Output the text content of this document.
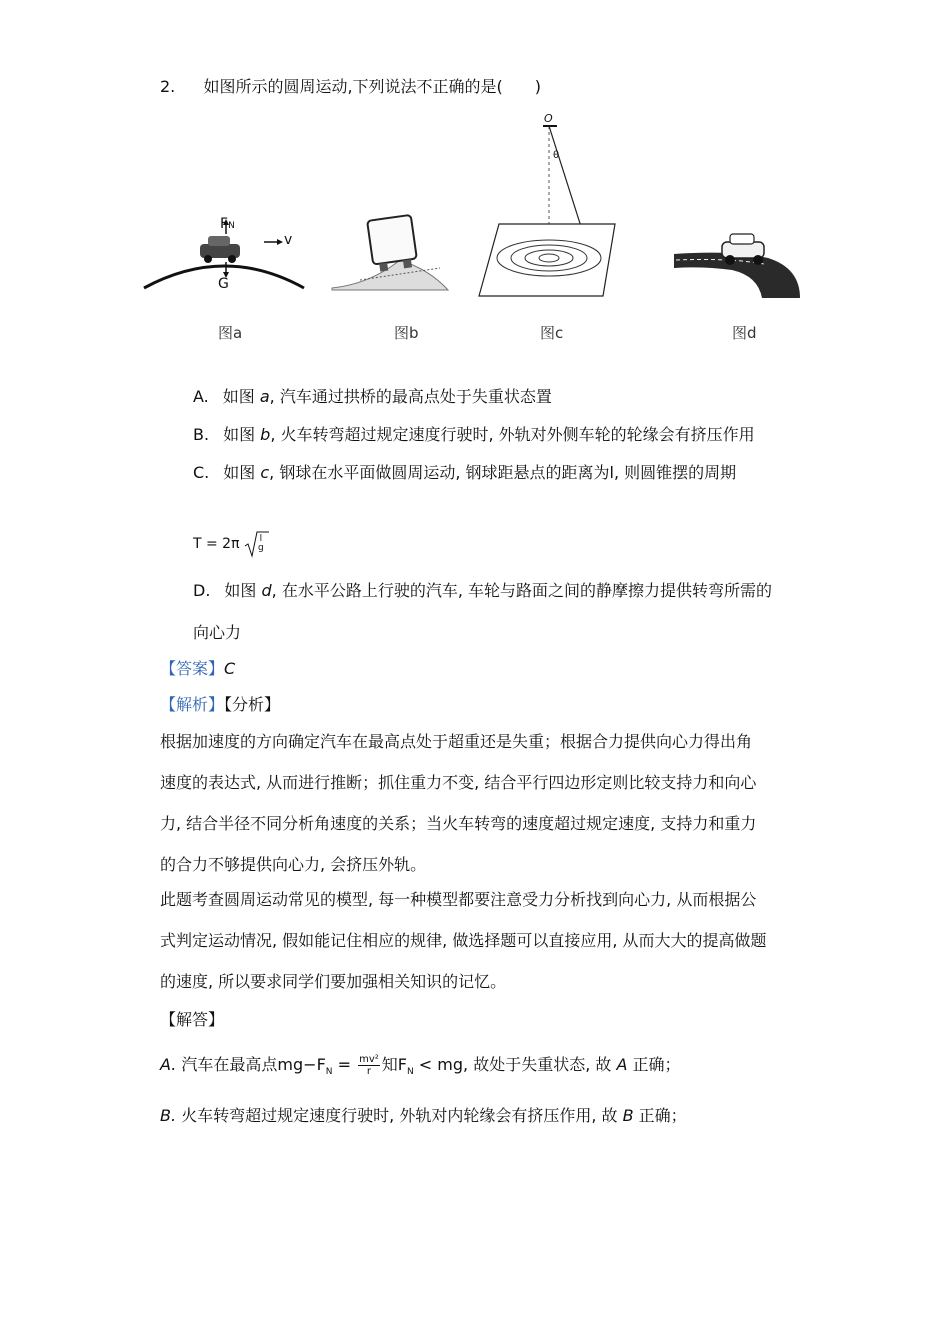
2. 如图所示的圆周运动,下列说法不正确的是(　　)
FN
G
v
图a	图b
O
θ
图c	图d
A. 如图 a, 汽车通过拱桥的最高点处于失重状态置
B. 如图 b, 火车转弯超过规定速度行驶时, 外轨对外侧车轮的轮缘会有挤压作用
C. 如图 c, 钢球在水平面做圆周运动, 钢球距悬点的距离为l, 则圆锥摆的周期
T = 2π l
g
D. 如图 d, 在水平公路上行驶的汽车, 车轮与路面之间的静摩擦力提供转弯所需的
向心力
【答案】C
【解析】【分析】
根据加速度的方向确定汽车在最高点处于超重还是失重；根据合力提供向心力得出角
速度的表达式, 从而进行推断；抓住重力不变, 结合平行四边形定则比较支持力和向心
力, 结合半径不同分析角速度的关系；当火车转弯的速度超过规定速度, 支持力和重力
的合力不够提供向心力, 会挤压外轨。
此题考查圆周运动常见的模型, 每一种模型都要注意受力分析找到向心力, 从而根据公
式判定运动情况, 假如能记住相应的规律, 做选择题可以直接应用, 从而大大的提高做题
的速度, 所以要求同学们要加强相关知识的记忆。
【解答】
A. 汽车在最高点$mg-F_N = \frac{\text{mv²}}{r}$ 知$F_N$ < mg, 故处于失重状态, 故 A 正确；
B. 火车转弯超过规定速度行驶时, 外轨对内轮缘会有挤压作用, 故 B 正确；
